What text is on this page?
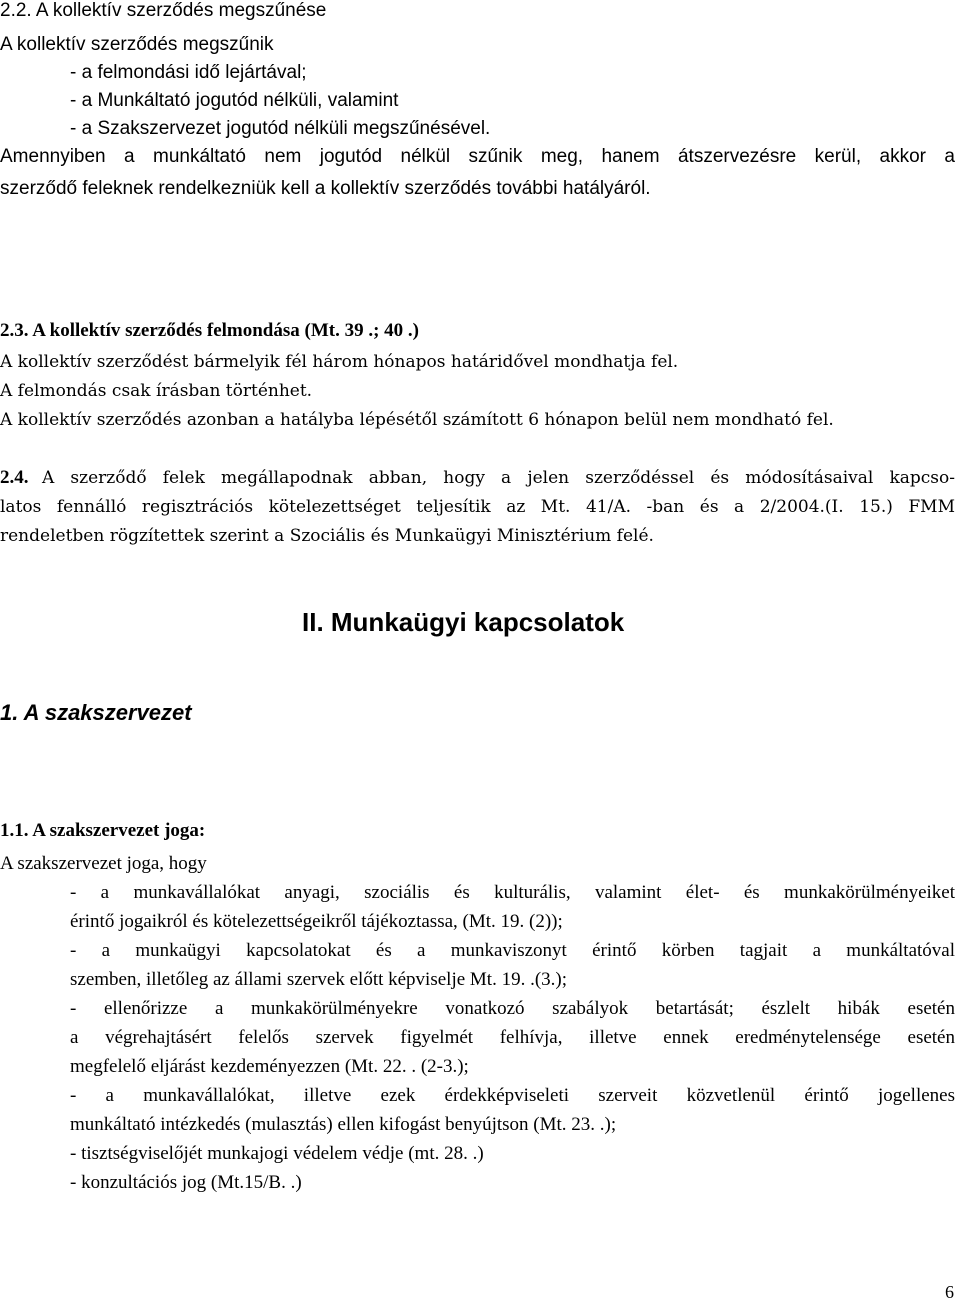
2.2. A kollektív szerződés megszűnése
A kollektív szerződés megszűnik
- a felmondási idő lejártával;
- a Munkáltató jogutód nélküli, valamint
- a Szakszervezet jogutód nélküli megszűnésével.
Amennyiben a munkáltató nem jogutód nélkül szűnik meg, hanem átszervezésre kerül, akkor a
szerződő feleknek rendelkezniük kell a kollektív szerződés további hatályáról.
2.3. A kollektív szerződés felmondása (Mt. 39 .; 40 .)
A kollektív szerződést bármelyik fél három hónapos határidővel mondhatja fel.
A felmondás csak írásban történhet.
A kollektív szerződés azonban a hatályba lépésétől számított 6 hónapon belül nem mondható fel.
2.4. A szerződő felek megállapodnak abban, hogy a jelen szerződéssel és módosításaival kapcso-
latos fennálló regisztrációs kötelezettséget teljesítik az Mt. 41/A. -ban és a 2/2004.(I. 15.) FMM
rendeletben rögzítettek szerint a Szociális és Munkaügyi Minisztérium felé.
II. Munkaügyi kapcsolatok
1. A szakszervezet
1.1. A szakszervezet joga:
A szakszervezet joga, hogy
- a munkavállalókat anyagi, szociális és kulturális, valamint élet- és munkakörülményeiket
érintő jogaikról és kötelezettségeikről tájékoztassa, (Mt. 19. (2));
- a munkaügyi kapcsolatokat és a munkaviszonyt érintő körben tagjait a munkáltatóval
szemben, illetőleg az állami szervek előtt képviselje Mt. 19. .(3.);
- ellenőrizze a munkakörülményekre vonatkozó szabályok betartását; észlelt hibák esetén
a végrehajtásért felelős szervek figyelmét felhívja, illetve ennek eredménytelensége esetén
megfelelő eljárást kezdeményezzen (Mt. 22. . (2-3.);
- a munkavállalókat, illetve ezek érdekképviseleti szerveit közvetlenül érintő jogellenes
munkáltató intézkedés (mulasztás) ellen kifogást benyújtson (Mt. 23. .);
- tisztségviselőjét munkajogi védelem védje (mt. 28. .)
- konzultációs jog (Mt.15/B. .)
6
